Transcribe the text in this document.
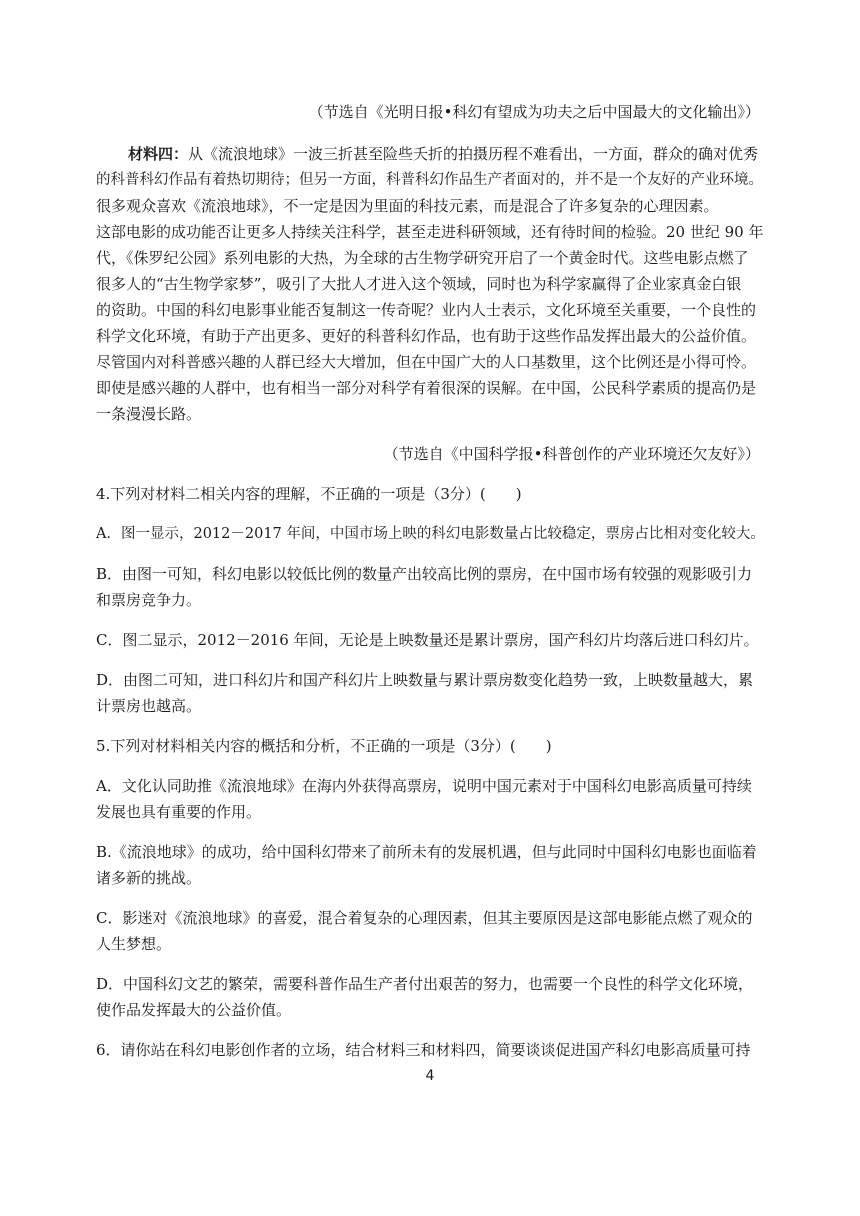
（节选自《光明日报•科幻有望成为功夫之后中国最大的文化输出》）
材料四：从《流浪地球》一波三折甚至险些夭折的拍摄历程不难看出，一方面，群众的确对优秀
的科普科幻作品有着热切期待；但另一方面，科普科幻作品生产者面对的，并不是一个友好的产业环境。
很多观众喜欢《流浪地球》，不一定是因为里面的科技元素，而是混合了许多复杂的心理因素。
这部电影的成功能否让更多人持续关注科学，甚至走进科研领域，还有待时间的检验。20 世纪 90 年
代，《侏罗纪公园》系列电影的大热，为全球的古生物学研究开启了一个黄金时代。这些电影点燃了
很多人的“古生物学家梦”，吸引了大批人才进入这个领域，同时也为科学家赢得了企业家真金白银
的资助。中国的科幻电影事业能否复制这一传奇呢？业内人士表示，文化环境至关重要，一个良性的
科学文化环境，有助于产出更多、更好的科普科幻作品，也有助于这些作品发挥出最大的公益价值。
尽管国内对科普感兴趣的人群已经大大增加，但在中国广大的人口基数里，这个比例还是小得可怜。
即使是感兴趣的人群中，也有相当一部分对科学有着很深的误解。在中国，公民科学素质的提高仍是
一条漫漫长路。
（节选自《中国科学报•科普创作的产业环境还欠友好》）
4.下列对材料二相关内容的理解，不正确的一项是（3分）(　　)
A．图一显示，2012－2017 年间，中国市场上映的科幻电影数量占比较稳定，票房占比相对变化较大。
B．由图一可知，科幻电影以较低比例的数量产出较高比例的票房，在中国市场有较强的观影吸引力
和票房竞争力。
C．图二显示，2012－2016 年间，无论是上映数量还是累计票房，国产科幻片均落后进口科幻片。
D．由图二可知，进口科幻片和国产科幻片上映数量与累计票房数变化趋势一致，上映数量越大，累
计票房也越高。
5.下列对材料相关内容的概括和分析，不正确的一项是（3分）(　　)
A．文化认同助推《流浪地球》在海内外获得高票房，说明中国元素对于中国科幻电影高质量可持续
发展也具有重要的作用。
B.《流浪地球》的成功，给中国科幻带来了前所未有的发展机遇，但与此同时中国科幻电影也面临着
诸多新的挑战。
C．影迷对《流浪地球》的喜爱，混合着复杂的心理因素，但其主要原因是这部电影能点燃了观众的
人生梦想。
D．中国科幻文艺的繁荣，需要科普作品生产者付出艰苦的努力，也需要一个良性的科学文化环境，
使作品发挥最大的公益价值。
6．请你站在科幻电影创作者的立场，结合材料三和材料四，简要谈谈促进国产科幻电影高质量可持
4
